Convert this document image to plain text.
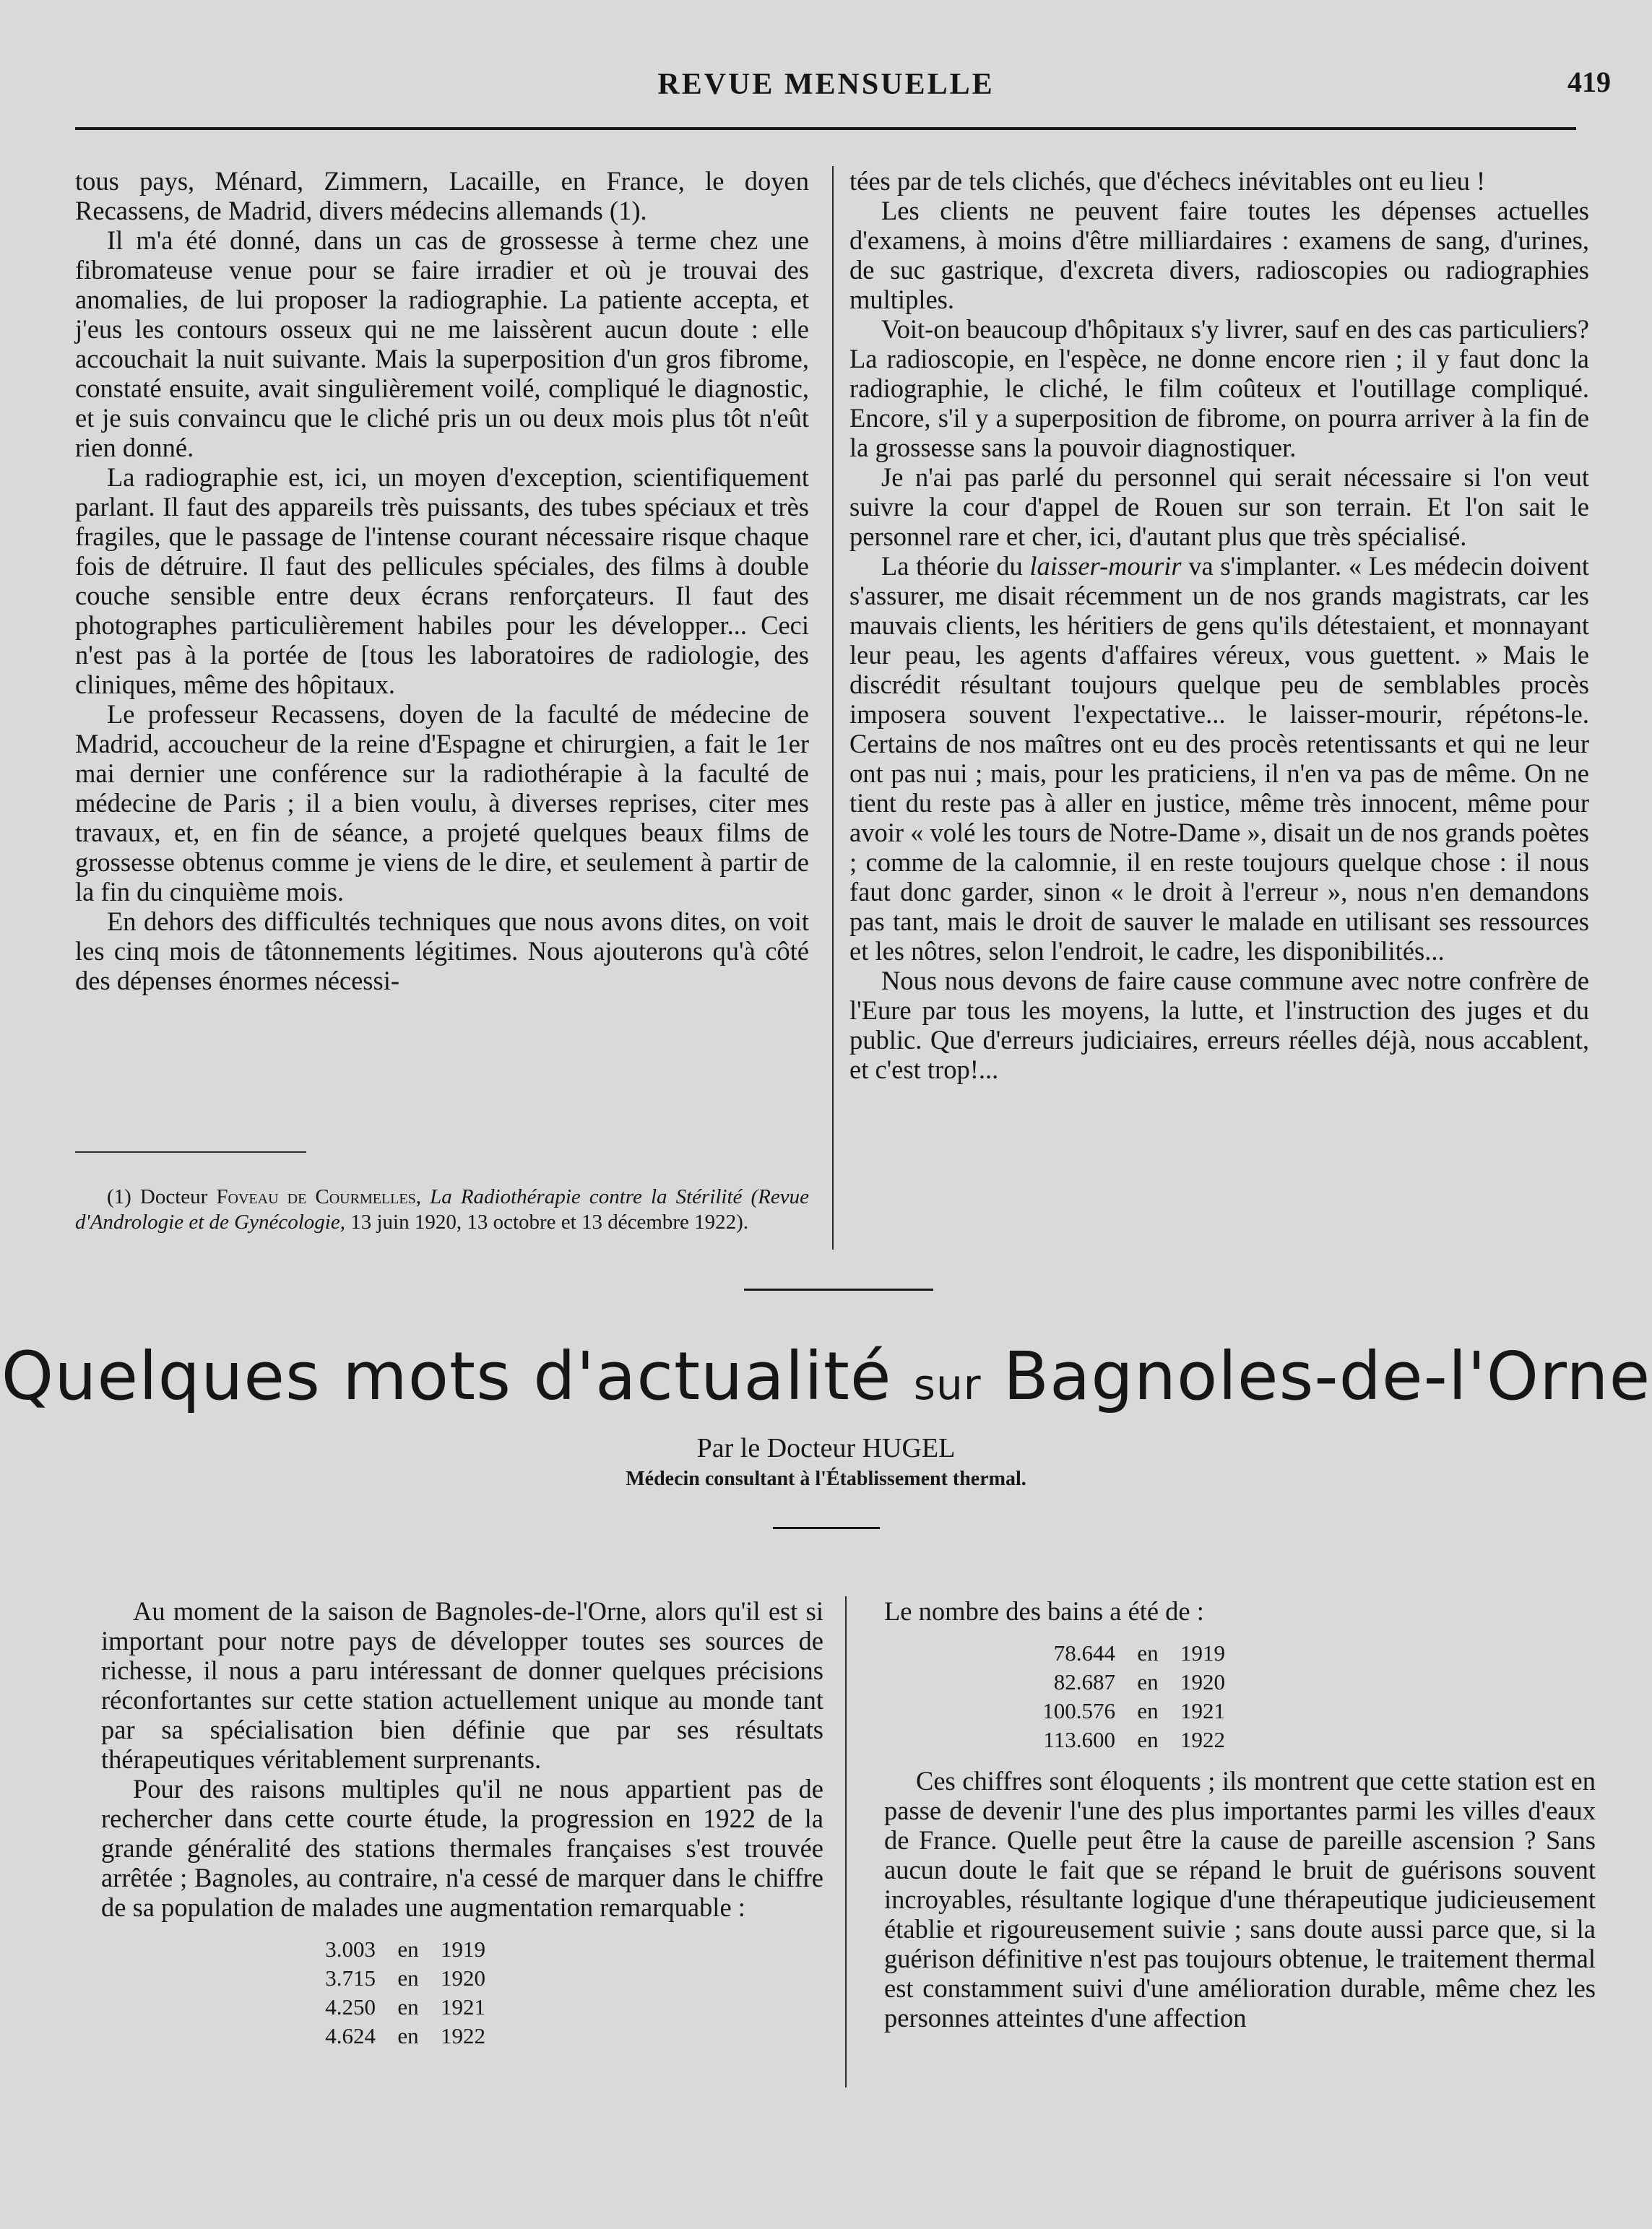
REVUE MENSUELLE	419

tous pays, Ménard, Zimmern, Lacaille, en France, le doyen Recassens, de Madrid, divers médecins allemands (1).

Il m'a été donné, dans un cas de grossesse à terme chez une fibromateuse venue pour se faire irradier et où je trouvai des anomalies, de lui proposer la radiographie. La patiente accepta, et j'eus les contours osseux qui ne me laissèrent aucun doute : elle accouchait la nuit suivante. Mais la superposition d'un gros fibrome, constaté ensuite, avait singulièrement voilé, compliqué le diagnostic, et je suis convaincu que le cliché pris un ou deux mois plus tôt n'eût rien donné.

La radiographie est, ici, un moyen d'exception, scientifiquement parlant. Il faut des appareils très puissants, des tubes spéciaux et très fragiles, que le passage de l'intense courant nécessaire risque chaque fois de détruire. Il faut des pellicules spéciales, des films à double couche sensible entre deux écrans renforçateurs. Il faut des photographes particulièrement habiles pour les développer... Ceci n'est pas à la portée de [tous les laboratoires de radiologie, des cliniques, même des hôpitaux.

Le professeur Recassens, doyen de la faculté de médecine de Madrid, accoucheur de la reine d'Espagne et chirurgien, a fait le 1er mai dernier une conférence sur la radiothérapie à la faculté de médecine de Paris ; il a bien voulu, à diverses reprises, citer mes travaux, et, en fin de séance, a projeté quelques beaux films de grossesse obtenus comme je viens de le dire, et seulement à partir de la fin du cinquième mois.

En dehors des difficultés techniques que nous avons dites, on voit les cinq mois de tâtonnements légitimes. Nous ajouterons qu'à côté des dépenses énormes nécessi-

(1) Docteur Foveau de Courmelles, La Radiothérapie contre la Stérilité (Revue d'Andrologie et de Gynécologie, 13 juin 1920, 13 octobre et 13 décembre 1922).

tées par de tels clichés, que d'échecs inévitables ont eu lieu !

Les clients ne peuvent faire toutes les dépenses actuelles d'examens, à moins d'être milliardaires : examens de sang, d'urines, de suc gastrique, d'excreta divers, radioscopies ou radiographies multiples.

Voit-on beaucoup d'hôpitaux s'y livrer, sauf en des cas particuliers? La radioscopie, en l'espèce, ne donne encore rien ; il y faut donc la radiographie, le cliché, le film coûteux et l'outillage compliqué. Encore, s'il y a superposition de fibrome, on pourra arriver à la fin de la grossesse sans la pouvoir diagnostiquer.

Je n'ai pas parlé du personnel qui serait nécessaire si l'on veut suivre la cour d'appel de Rouen sur son terrain. Et l'on sait le personnel rare et cher, ici, d'autant plus que très spécialisé.

La théorie du laisser-mourir va s'implanter. « Les médecin doivent s'assurer, me disait récemment un de nos grands magistrats, car les mauvais clients, les héritiers de gens qu'ils détestaient, et monnayant leur peau, les agents d'affaires véreux, vous guettent. » Mais le discrédit résultant toujours quelque peu de semblables procès imposera souvent l'expectative... le laisser-mourir, répétons-le. Certains de nos maîtres ont eu des procès retentissants et qui ne leur ont pas nui ; mais, pour les praticiens, il n'en va pas de même. On ne tient du reste pas à aller en justice, même très innocent, même pour avoir « volé les tours de Notre-Dame », disait un de nos grands poètes ; comme de la calomnie, il en reste toujours quelque chose : il nous faut donc garder, sinon « le droit à l'erreur », nous n'en demandons pas tant, mais le droit de sauver le malade en utilisant ses ressources et les nôtres, selon l'endroit, le cadre, les disponibilités...

Nous nous devons de faire cause commune avec notre confrère de l'Eure par tous les moyens, la lutte, et l'instruction des juges et du public. Que d'erreurs judiciaires, erreurs réelles déjà, nous accablent, et c'est trop!...

Quelques mots d'actualité sur Bagnoles-de-l'Orne
Par le Docteur HUGEL
Médecin consultant à l'Établissement thermal.

Au moment de la saison de Bagnoles-de-l'Orne, alors qu'il est si important pour notre pays de développer toutes ses sources de richesse, il nous a paru intéressant de donner quelques précisions réconfortantes sur cette station actuellement unique au monde tant par sa spécialisation bien définie que par ses résultats thérapeutiques véritablement surprenants.

Pour des raisons multiples qu'il ne nous appartient pas de rechercher dans cette courte étude, la progression en 1922 de la grande généralité des stations thermales françaises s'est trouvée arrêtée ; Bagnoles, au contraire, n'a cessé de marquer dans le chiffre de sa population de malades une augmentation remarquable :

3.003 en 1919
3.715 en 1920
4.250 en 1921
4.624 en 1922

Le nombre des bains a été de :

78.644 en 1919
82.687 en 1920
100.576 en 1921
113.600 en 1922

Ces chiffres sont éloquents ; ils montrent que cette station est en passe de devenir l'une des plus importantes parmi les villes d'eaux de France. Quelle peut être la cause de pareille ascension ? Sans aucun doute le fait que se répand le bruit de guérisons souvent incroyables, résultante logique d'une thérapeutique judicieusement établie et rigoureusement suivie ; sans doute aussi parce que, si la guérison définitive n'est pas toujours obtenue, le traitement thermal est constamment suivi d'une amélioration durable, même chez les personnes atteintes d'une affection
